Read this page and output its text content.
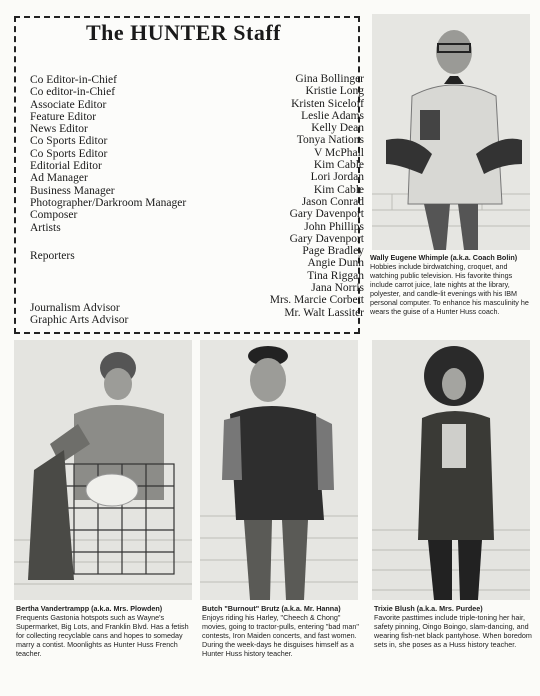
The HUNTER Staff
Co Editor-in-Chief
Co editor-in-Chief
Associate Editor
Feature Editor
News Editor
Co Sports Editor
Co Sports Editor
Editorial Editor
Ad Manager
Business Manager
Photographer/Darkroom Manager
Composer
Artists
Reporters
Journalism Advisor
Graphic Arts Advisor
Gina Bollinger
Kristie Long
Kristen Siceloff
Leslie Adams
Kelly Dean
Tonya Nations
V McPhail
Kim Cable
Lori Jordan
Kim Cable
Jason Conrad
Gary Davenport
John Phillips
Gary Davenport
Page Bradley
Angie Dunn
Tina Riggan
Jana Norris
Mrs. Marcie Corbett
Mr. Walt Lassiter
Wally Eugene Whimple (a.k.a. Coach Bolin)
Hobbies include birdwatching, croquet, and watching public television. His favorite things include carrot juice, late nights at the library, polyester, and candle-lit evenings with his IBM personal computer. To enhance his masculinity he wears the guise of a Hunter Huss coach.
Bertha Vandertrampp (a.k.a. Mrs. Plowden)
Frequents Gastonia hotspots such as Wayne's Supermarket, Big Lots, and Franklin Blvd. Has a fetish for collecting recyclable cans and hopes to someday marry a contist. Moonlights as Hunter Huss French teacher.
Butch "Burnout" Brutz (a.k.a. Mr. Hanna)
Enjoys riding his Harley, "Cheech & Chong" movies, going to tractor-pulls, entering "bad man" contests, Iron Maiden concerts, and fast women. During the week-days he disguises himself as a Hunter Huss history teacher.
Trixie Blush (a.k.a. Mrs. Purdee)
Favorite pasttimes include triple-toning her hair, safety pinning, Oingo Boingo, slam-dancing, and wearing fish-net black pantyhose. When boredom sets in, she poses as a Huss history teacher.
